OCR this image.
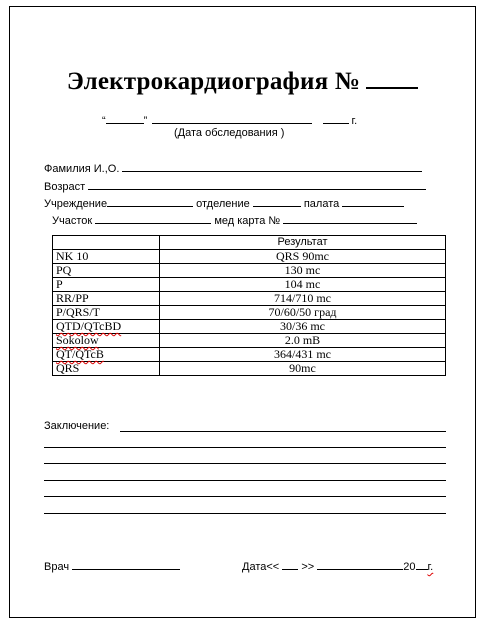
Электрокардиография №
“	”	г.
(Дата обследования )
Фамилия И.,О.
Возраст
Учреждение	отделение	палата
Участок	мед карта №
	Результат
NK 10	QRS 90mc
PQ	130 mc
P	104 mc
RR/PP	714/710 mc
P/QRS/T	70/60/50 град
QTD/QTcBD	30/36 mc
Sokolow	2.0 mB
QT/QTcB	364/431 mc
QRS	90mc
Заключение:
Врач	Дата<< >>	20 г.
